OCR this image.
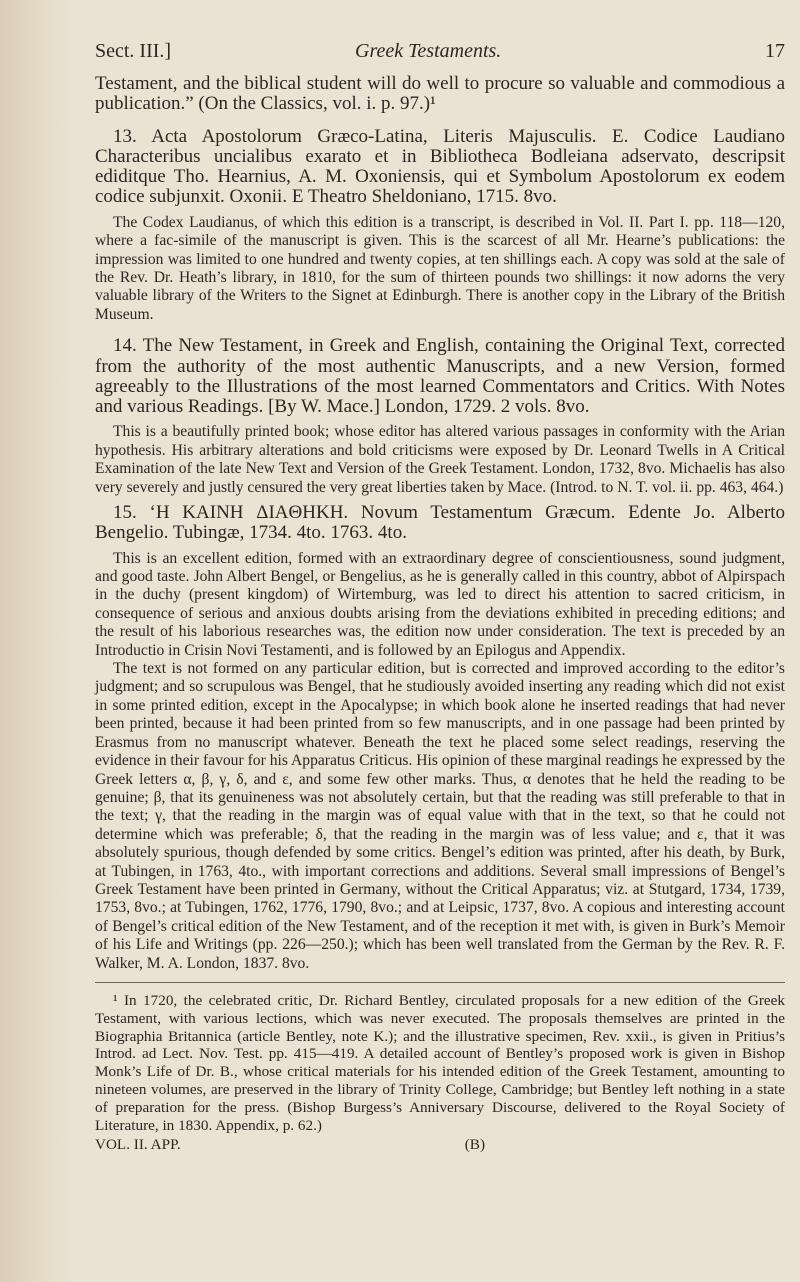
Sect. III.]	Greek Testaments.	17

Testament, and the biblical student will do well to procure so valuable and commodious a publication.” (On the Classics, vol. i. p. 97.)¹

13. Acta Apostolorum Græco-Latina, Literis Majusculis. E. Codice Laudiano Characteribus uncialibus exarato et in Bibliotheca Bodleiana adservato, descripsit ediditque Tho. Hearnius, A. M. Oxoniensis, qui et Symbolum Apostolorum ex eodem codice subjunxit. Oxonii. E Theatro Sheldoniano, 1715. 8vo.

The Codex Laudianus, of which this edition is a transcript, is described in Vol. II. Part I. pp. 118—120, where a fac-simile of the manuscript is given. This is the scarcest of all Mr. Hearne’s publications: the impression was limited to one hundred and twenty copies, at ten shillings each. A copy was sold at the sale of the Rev. Dr. Heath’s library, in 1810, for the sum of thirteen pounds two shillings: it now adorns the very valuable library of the Writers to the Signet at Edinburgh. There is another copy in the Library of the British Museum.

14. The New Testament, in Greek and English, containing the Original Text, corrected from the authority of the most authentic Manuscripts, and a new Version, formed agreeably to the Illustrations of the most learned Commentators and Critics. With Notes and various Readings. [By W. Mace.] London, 1729. 2 vols. 8vo.

This is a beautifully printed book; whose editor has altered various passages in conformity with the Arian hypothesis. His arbitrary alterations and bold criticisms were exposed by Dr. Leonard Twells in A Critical Examination of the late New Text and Version of the Greek Testament. London, 1732, 8vo. Michaelis has also very severely and justly censured the very great liberties taken by Mace. (Introd. to N. T. vol. ii. pp. 463, 464.)

15. ‘H KAINH ΔIAΘHKH. Novum Testamentum Græcum. Edente Jo. Alberto Bengelio. Tubingæ, 1734. 4to. 1763. 4to.

This is an excellent edition, formed with an extraordinary degree of conscientiousness, sound judgment, and good taste. John Albert Bengel, or Bengelius, as he is generally called in this country, abbot of Alpirspach in the duchy (present kingdom) of Wirtemburg, was led to direct his attention to sacred criticism, in consequence of serious and anxious doubts arising from the deviations exhibited in preceding editions; and the result of his laborious researches was, the edition now under consideration. The text is preceded by an Introductio in Crisin Novi Testamenti, and is followed by an Epilogus and Appendix.

The text is not formed on any particular edition, but is corrected and improved according to the editor’s judgment; and so scrupulous was Bengel, that he studiously avoided inserting any reading which did not exist in some printed edition, except in the Apocalypse; in which book alone he inserted readings that had never been printed, because it had been printed from so few manuscripts, and in one passage had been printed by Erasmus from no manuscript whatever. Beneath the text he placed some select readings, reserving the evidence in their favour for his Apparatus Criticus. His opinion of these marginal readings he expressed by the Greek letters α, β, γ, δ, and ε, and some few other marks. Thus, α denotes that he held the reading to be genuine; β, that its genuineness was not absolutely certain, but that the reading was still preferable to that in the text; γ, that the reading in the margin was of equal value with that in the text, so that he could not determine which was preferable; δ, that the reading in the margin was of less value; and ε, that it was absolutely spurious, though defended by some critics. Bengel’s edition was printed, after his death, by Burk, at Tubingen, in 1763, 4to., with important corrections and additions. Several small impressions of Bengel’s Greek Testament have been printed in Germany, without the Critical Apparatus; viz. at Stutgard, 1734, 1739, 1753, 8vo.; at Tubingen, 1762, 1776, 1790, 8vo.; and at Leipsic, 1737, 8vo. A copious and interesting account of Bengel’s critical edition of the New Testament, and of the reception it met with, is given in Burk’s Memoir of his Life and Writings (pp. 226—250.); which has been well translated from the German by the Rev. R. F. Walker, M. A. London, 1837. 8vo.

¹ In 1720, the celebrated critic, Dr. Richard Bentley, circulated proposals for a new edition of the Greek Testament, with various lections, which was never executed. The proposals themselves are printed in the Biographia Britannica (article Bentley, note K.); and the illustrative specimen, Rev. xxii., is given in Pritius’s Introd. ad Lect. Nov. Test. pp. 415—419. A detailed account of Bentley’s proposed work is given in Bishop Monk’s Life of Dr. B., whose critical materials for his intended edition of the Greek Testament, amounting to nineteen volumes, are preserved in the library of Trinity College, Cambridge; but Bentley left nothing in a state of preparation for the press. (Bishop Burgess’s Anniversary Discourse, delivered to the Royal Society of Literature, in 1830. Appendix, p. 62.)

VOL. II. APP.	(B)
